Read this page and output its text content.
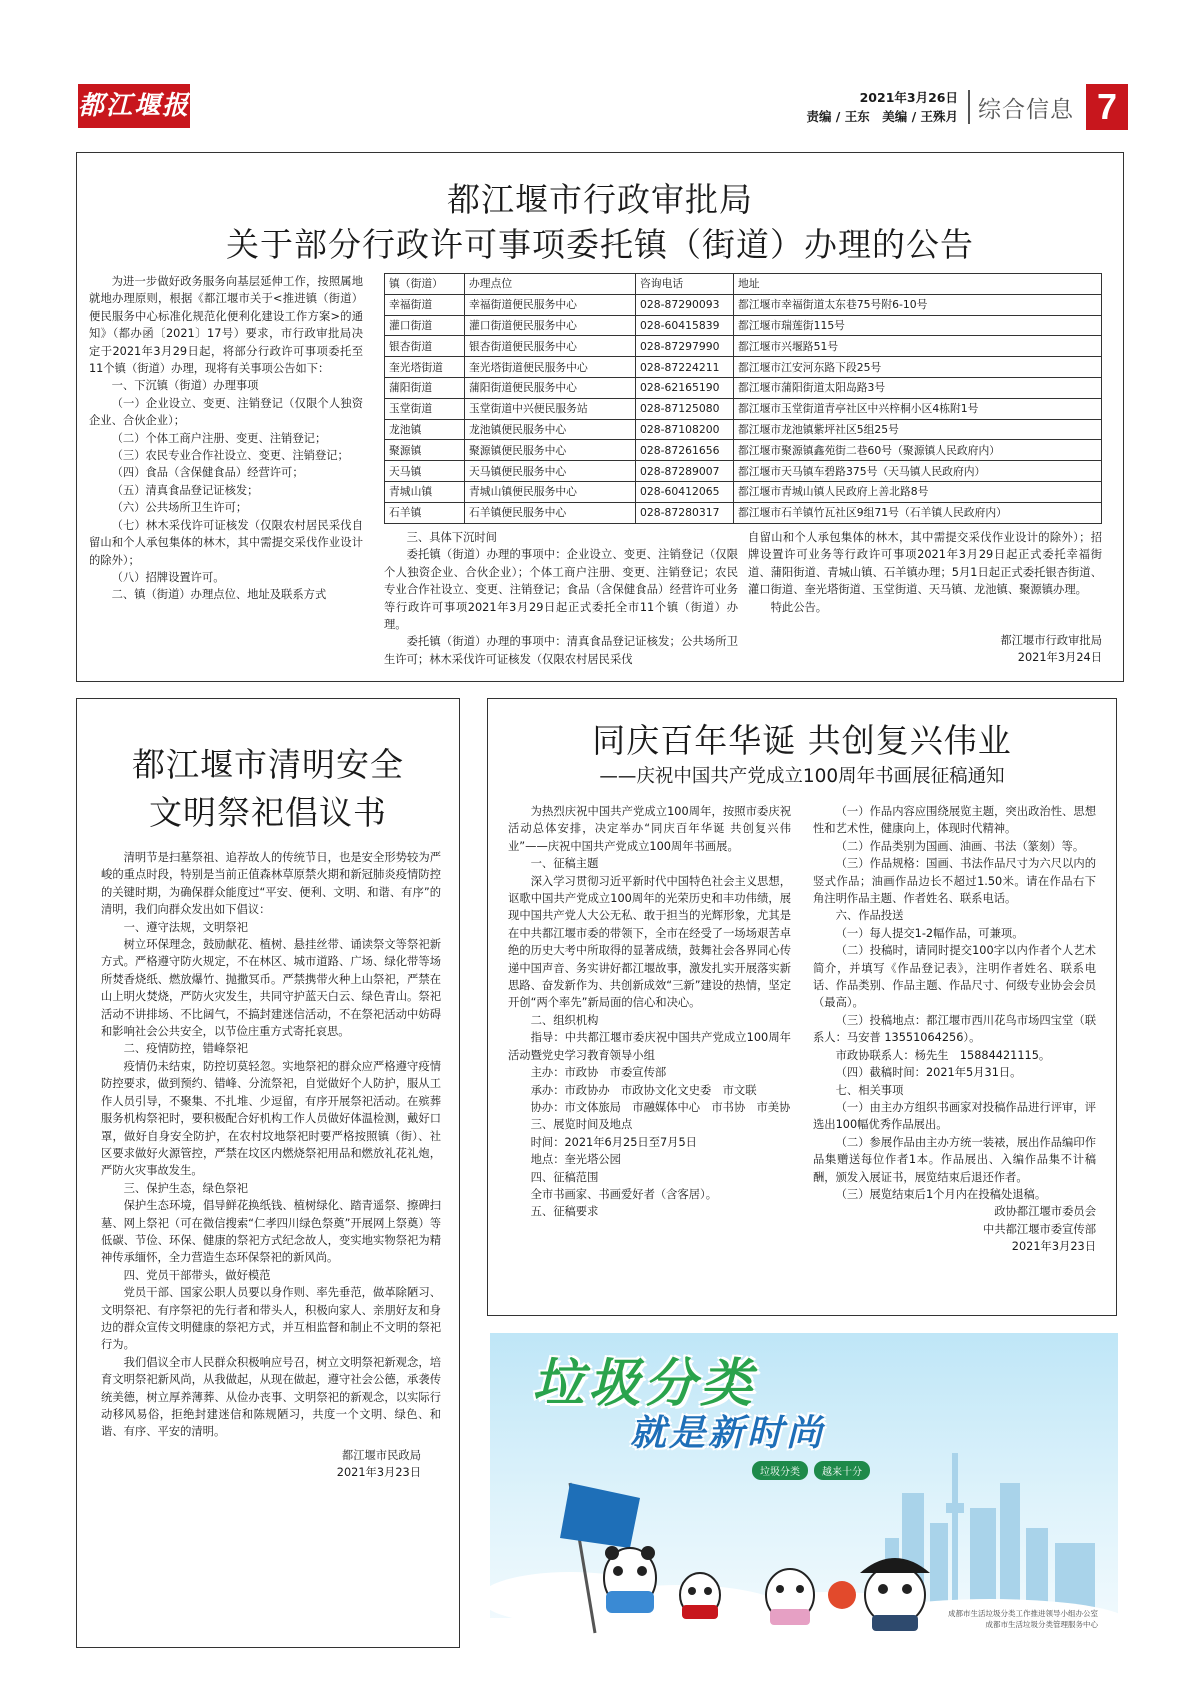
都江堰报	2021年3月26日
责编 / 王东　美编 / 王殊月 综合信息 7
都江堰市行政审批局
关于部分行政许可事项委托镇（街道）办理的公告

为进一步做好政务服务向基层延伸工作，按照属地就地办理原则，根据《都江堰市关于<推进镇（街道）便民服务中心标准化规范化便利化建设工作方案>的通知》（都办函〔2021〕17号）要求，市行政审批局决定于2021年3月29日起，将部分行政许可事项委托至11个镇（街道）办理，现将有关事项公告如下：

一、下沉镇（街道）办理事项

（一）企业设立、变更、注销登记（仅限个人独资企业、合伙企业）；

（二）个体工商户注册、变更、注销登记；

（三）农民专业合作社设立、变更、注销登记；

（四）食品（含保健食品）经营许可；

（五）清真食品登记证核发；

（六）公共场所卫生许可；

（七）林木采伐许可证核发（仅限农村居民采伐自留山和个人承包集体的林木，其中需提交采伐作业设计的除外）；

（八）招牌设置许可。

二、镇（街道）办理点位、地址及联系方式

镇（街道）	办理点位	咨询电话	地址
幸福街道	幸福街道便民服务中心	028-87290093	都江堰市幸福街道太东巷75号附6-10号
灌口街道	灌口街道便民服务中心	028-60415839	都江堰市瑞莲街115号
银杏街道	银杏街道便民服务中心	028-87297990	都江堰市兴堰路51号
奎光塔街道	奎光塔街道便民服务中心	028-87224211	都江堰市江安河东路下段25号
蒲阳街道	蒲阳街道便民服务中心	028-62165190	都江堰市蒲阳街道太阳岛路3号
玉堂街道	玉堂街道中兴便民服务站	028-87125080	都江堰市玉堂街道青亭社区中兴梓桐小区4栋附1号
龙池镇	龙池镇便民服务中心	028-87108200	都江堰市龙池镇紫坪社区5组25号
聚源镇	聚源镇便民服务中心	028-87261656	都江堰市聚源镇鑫苑街二巷60号（聚源镇人民政府内）
天马镇	天马镇便民服务中心	028-87289007	都江堰市天马镇车碧路375号（天马镇人民政府内）
青城山镇	青城山镇便民服务中心	028-60412065	都江堰市青城山镇人民政府上善北路8号
石羊镇	石羊镇便民服务中心	028-87280317	都江堰市石羊镇竹瓦社区9组71号（石羊镇人民政府内）

三、具体下沉时间

委托镇（街道）办理的事项中：企业设立、变更、注销登记（仅限个人独资企业、合伙企业）；个体工商户注册、变更、注销登记；农民专业合作社设立、变更、注销登记；食品（含保健食品）经营许可业务等行政许可事项2021年3月29日起正式委托全市11个镇（街道）办理。

委托镇（街道）办理的事项中：清真食品登记证核发；公共场所卫生许可；林木采伐许可证核发（仅限农村居民采伐

自留山和个人承包集体的林木，其中需提交采伐作业设计的除外）；招牌设置许可业务等行政许可事项2021年3月29日起正式委托幸福街道、蒲阳街道、青城山镇、石羊镇办理；5月1日起正式委托银杏街道、灌口街道、奎光塔街道、玉堂街道、天马镇、龙池镇、聚源镇办理。

特此公告。

都江堰市行政审批局

2021年3月24日

都江堰市清明安全
文明祭祀倡议书

清明节是扫墓祭祖、追荐故人的传统节日，也是安全形势较为严峻的重点时段，特别是当前正值森林草原禁火期和新冠肺炎疫情防控的关键时期，为确保群众能度过“平安、便利、文明、和谐、有序”的清明，我们向群众发出如下倡议：

一、遵守法规，文明祭祀

树立环保理念，鼓励献花、植树、悬挂丝带、诵读祭文等祭祀新方式。严格遵守防火规定，不在林区、城市道路、广场、绿化带等场所焚香烧纸、燃放爆竹、抛撒冥币。严禁携带火种上山祭祀，严禁在山上明火焚烧，严防火灾发生，共同守护蓝天白云、绿色青山。祭祀活动不讲排场、不比阔气，不搞封建迷信活动，不在祭祀活动中妨碍和影响社会公共安全，以节俭庄重方式寄托哀思。

二、疫情防控，错峰祭祀

疫情仍未结束，防控切莫轻忽。实地祭祀的群众应严格遵守疫情防控要求，做到预约、错峰、分流祭祀，自觉做好个人防护，服从工作人员引导，不聚集、不扎堆、少逗留，有序开展祭祀活动。在殡葬服务机构祭祀时，要积极配合好机构工作人员做好体温检测，戴好口罩，做好自身安全防护，在农村坟地祭祀时要严格按照镇（街）、社区要求做好火源管控，严禁在坟区内燃烧祭祀用品和燃放礼花礼炮，严防火灾事故发生。

三、保护生态，绿色祭祀

保护生态环境，倡导鲜花换纸钱、植树绿化、踏青遥祭、擦碑扫墓、网上祭祀（可在微信搜索“仁孝四川绿色祭奠”开展网上祭奠）等低碳、节俭、环保、健康的祭祀方式纪念故人，变实地实物祭祀为精神传承缅怀，全力营造生态环保祭祀的新风尚。

四、党员干部带头，做好模范

党员干部、国家公职人员要以身作则、率先垂范，做革除陋习、文明祭祀、有序祭祀的先行者和带头人，积极向家人、亲朋好友和身边的群众宣传文明健康的祭祀方式，并互相监督和制止不文明的祭祀行为。

我们倡议全市人民群众积极响应号召，树立文明祭祀新观念，培育文明祭祀新风尚，从我做起，从现在做起，遵守社会公德，承袭传统美德，树立厚养薄葬、从俭办丧事、文明祭祀的新观念，以实际行动移风易俗，拒绝封建迷信和陈规陋习，共度一个文明、绿色、和谐、有序、平安的清明。

都江堰市民政局

2021年3月23日

同庆百年华诞 共创复兴伟业
——庆祝中国共产党成立100周年书画展征稿通知

为热烈庆祝中国共产党成立100周年，按照市委庆祝活动总体安排，决定举办“同庆百年华诞 共创复兴伟业”——庆祝中国共产党成立100周年书画展。

一、征稿主题

深入学习贯彻习近平新时代中国特色社会主义思想，讴歌中国共产党成立100周年的光荣历史和丰功伟绩，展现中国共产党人大公无私、敢于担当的光辉形象，尤其是在中共都江堰市委的带领下，全市在经受了一场场艰苦卓绝的历史大考中所取得的显著成绩，鼓舞社会各界同心传递中国声音、务实讲好都江堰故事，激发扎实开展落实新思路、奋发新作为、共创新成效“三新”建设的热情，坚定开创“两个率先”新局面的信心和决心。

二、组织机构

指导：中共都江堰市委庆祝中国共产党成立100周年活动暨党史学习教育领导小组

主办：市政协　市委宣传部

承办：市政协办　市政协文化文史委　市文联

协办：市文体旅局　市融媒体中心　市书协　市美协

三、展览时间及地点

时间：2021年6月25日至7月5日

地点：奎光塔公园

四、征稿范围

全市书画家、书画爱好者（含客居）。

五、征稿要求

（一）作品内容应围绕展览主题，突出政治性、思想性和艺术性，健康向上，体现时代精神。

（二）作品类别为国画、油画、书法（篆刻）等。

（三）作品规格：国画、书法作品尺寸为六尺以内的竖式作品；油画作品边长不超过1.50米。请在作品右下角注明作品主题、作者姓名、联系电话。

六、作品投送

（一）每人提交1-2幅作品，可兼项。

（二）投稿时，请同时提交100字以内作者个人艺术简介，并填写《作品登记表》，注明作者姓名、联系电话、作品类别、作品主题、作品尺寸、何级专业协会会员（最高）。

（三）投稿地点：都江堰市西川花鸟市场四宝堂（联系人：马安普 13551064256）。

市政协联系人：杨先生　15884421115。

（四）截稿时间：2021年5月31日。

七、相关事项

（一）由主办方组织书画家对投稿作品进行评审，评选出100幅优秀作品展出。

（二）参展作品由主办方统一装裱，展出作品编印作品集赠送每位作者1本。作品展出、入编作品集不计稿酬，颁发入展证书，展览结束后退还作者。

（三）展览结束后1个月内在投稿处退稿。

政协都江堰市委员会

中共都江堰市委宣传部

2021年3月23日

垃圾分类
就是新时尚
垃圾分类	越来十分
成都市生活垃圾分类工作推进领导小组办公室
成都市生活垃圾分类管理服务中心
